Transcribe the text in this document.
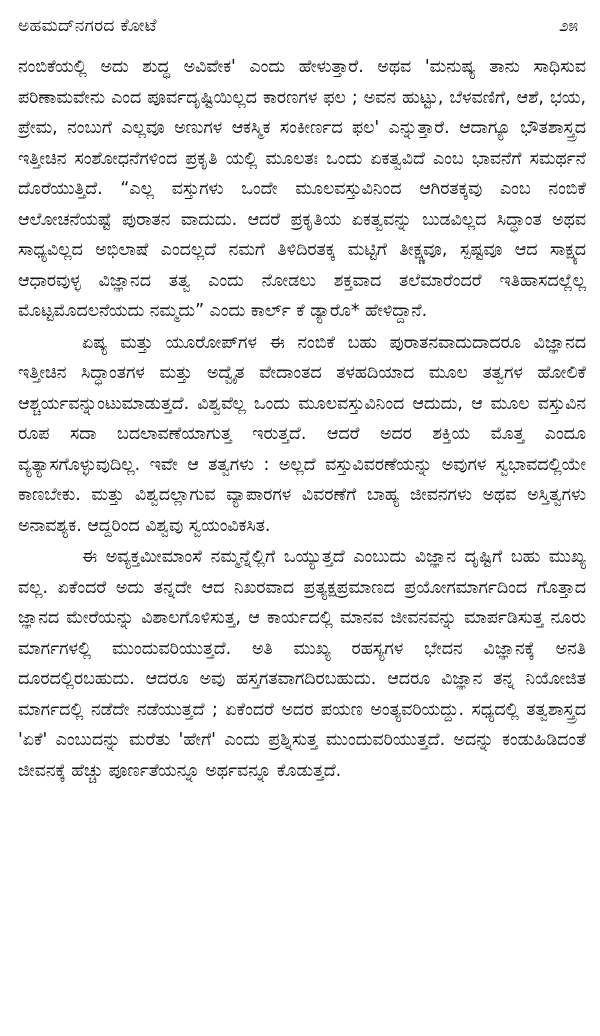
ಅಹಮದ್‌ನಗರದ ಕೋಟೆ	೨೫

ನಂಬಿಕೆಯಲ್ಲಿ ಅದು ಶುದ್ಧ ಅವಿವೇಕ' ಎಂದು ಹೇಳುತ್ತಾರೆ. ಅಥವ 'ಮನುಷ್ಯ ತಾನು ಸಾಧಿಸುವ ಪರಿಣಾಮವೇನು ಎಂದ ಪೂರ್ವದೃಷ್ಟಿಯಿಲ್ಲದ ಕಾರಣಗಳ ಫಲ ; ಅವನ ಹುಟ್ಟು, ಬೆಳವಣಿಗೆ, ಆಶೆ, ಭಯ, ಪ್ರೇಮ, ನಂಬುಗೆ ಎಲ್ಲವೂ ಅಣುಗಳ ಆಕಸ್ಮಿಕ ಸಂಕೀರ್ಣದ ಫಲ' ಎನ್ನುತ್ತಾರೆ. ಆದಾಗ್ಯೂ ಭೌತಶಾಸ್ತ್ರದ ಇತ್ತೀಚಿನ ಸಂಶೋಧನೆಗಳಿಂದ ಪ್ರಕೃತಿ ಯಲ್ಲಿ ಮೂಲತಃ ಒಂದು ಏಕತ್ವವಿದೆ ಎಂಬ ಭಾವನೆಗೆ ಸಮರ್ಥನೆ ದೊರೆಯುತ್ತಿದೆ. “ಎಲ್ಲ ವಸ್ತುಗಳು ಒಂದೇ ಮೂಲವಸ್ತುವಿನಿಂದ ಆಗಿರತಕ್ಕವು ಎಂಬ ನಂಬಿಕೆ ಆಲೋಚನೆಯಷ್ಟೆ ಪುರಾತನ ವಾದುದು. ಆದರೆ ಪ್ರಕೃತಿಯ ಏಕತ್ವವನ್ನು ಬುಡವಿಲ್ಲದ ಸಿದ್ಧಾಂತ ಅಥವ ಸಾಧ್ಯವಿಲ್ಲದ ಅಭಿಲಾಷೆ ಎಂದಲ್ಲದೆ ನಮಗೆ ತಿಳಿದಿರತಕ್ಕ ಮಟ್ಟಿಗೆ ತೀಕ್ಷ್ಣವೂ, ಸ್ಪಷ್ಟವೂ ಆದ ಸಾಕ್ಷ್ಯದ ಆಧಾರವುಳ್ಳ ವಿಜ್ಞಾನದ ತತ್ವ ಎಂದು ನೋಡಲು ಶಕ್ತವಾದ ತಲೆಮಾರೆಂದರೆ ಇತಿಹಾಸದಲ್ಲೆಲ್ಲ ಮೊಟ್ಟಮೊದಲನೆಯದು ನಮ್ಮದು” ಎಂದು ಕಾರ್ಲ್ ಕೆ ಡ್ಯಾರೊ* ಹೇಳಿದ್ದಾನೆ.

ಏಷ್ಯ ಮತ್ತು ಯೂರೋಪ್‌ಗಳ ಈ ನಂಬಿಕೆ ಬಹು ಪುರಾತನವಾದುದಾದರೂ ವಿಜ್ಞಾನದ ಇತ್ತೀಚಿನ ಸಿದ್ಧಾಂತಗಳ ಮತ್ತು ಅದ್ವೈತ ವೇದಾಂತದ ತಳಹದಿಯಾದ ಮೂಲ ತತ್ವಗಳ ಹೋಲಿಕೆ ಆಶ್ಚರ್ಯವನ್ನುಂಟುಮಾಡುತ್ತದೆ. ವಿಶ್ವವೆಲ್ಲ ಒಂದು ಮೂಲವಸ್ತುವಿನಿಂದ ಆದುದು, ಆ ಮೂಲ ವಸ್ತುವಿನ ರೂಪ ಸದಾ ಬದಲಾವಣೆಯಾಗುತ್ತ ಇರುತ್ತದೆ. ಆದರೆ ಅದರ ಶಕ್ತಿಯ ಮೊತ್ತ ಎಂದೂ ವ್ಯತ್ಯಾಸಗೊಳ್ಳುವುದಿಲ್ಲ. ಇವೇ ಆ ತತ್ವಗಳು : ಅಲ್ಲದೆ ವಸ್ತುವಿವರಣೆಯನ್ನು ಅವುಗಳ ಸ್ವಭಾವದಲ್ಲಿಯೇ ಕಾಣಬೇಕು. ಮತ್ತು ವಿಶ್ವದಲ್ಲಾಗುವ ವ್ಯಾಪಾರಗಳ ವಿವರಣೆಗೆ ಬಾಹ್ಯ ಜೀವನಗಳು ಅಥವ ಅಸ್ತಿತ್ವಗಳು ಅನಾವಶ್ಯಕ. ಆದ್ದರಿಂದ ವಿಶ್ವವು ಸ್ವಯಂವಿಕಸಿತ.

ಈ ಅವ್ಯಕ್ತಮೀಮಾಂಸೆ ನಮ್ಮನ್ನೆಲ್ಲಿಗೆ ಒಯ್ಯುತ್ತದೆ ಎಂಬುದು ವಿಜ್ಞಾನ ದೃಷ್ಟಿಗೆ ಬಹು ಮುಖ್ಯ ವಲ್ಲ. ಏಕೆಂದರೆ ಅದು ತನ್ನದೇ ಆದ ನಿಖರವಾದ ಪ್ರತ್ಯಕ್ಷಪ್ರಮಾಣದ ಪ್ರಯೋಗಮಾರ್ಗದಿಂದ ಗೊತ್ತಾದ ಜ್ಞಾನದ ಮೇರೆಯನ್ನು ವಿಶಾಲಗೊಳಿಸುತ್ತ, ಆ ಕಾರ್ಯದಲ್ಲಿ ಮಾನವ ಜೀವನವನ್ನು ಮಾರ್ಪಡಿಸುತ್ತ ನೂರು ಮಾರ್ಗಗಳಲ್ಲಿ ಮುಂದುವರಿಯುತ್ತದೆ. ಅತಿ ಮುಖ್ಯ ರಹಸ್ಯಗಳ ಭೇದನ ವಿಜ್ಞಾನಕ್ಕೆ ಅನತಿ ದೂರದಲ್ಲಿರಬಹುದು. ಆದರೂ ಅವು ಹಸ್ತಗತವಾಗದಿರಬಹುದು. ಆದರೂ ವಿಜ್ಞಾನ ತನ್ನ ನಿಯೋಜಿತ ಮಾರ್ಗದಲ್ಲಿ ನಡೆದೇ ನಡೆಯುತ್ತದೆ ; ಏಕೆಂದರೆ ಅದರ ಪಯಣ ಅಂತ್ಯವರಿಯದ್ದು. ಸಧ್ಯದಲ್ಲಿ ತತ್ವಶಾಸ್ತ್ರದ 'ಏಕೆ' ಎಂಬುದನ್ನು ಮರೆತು 'ಹೇಗೆ' ಎಂದು ಪ್ರಶ್ನಿಸುತ್ತ ಮುಂದುವರಿಯುತ್ತದೆ. ಅದನ್ನು ಕಂಡುಹಿಡಿದಂತೆ ಜೀವನಕ್ಕೆ ಹೆಚ್ಚು ಪೂರ್ಣತೆಯನ್ನೂ ಅರ್ಥವನ್ನೂ ಕೊಡುತ್ತದೆ.
